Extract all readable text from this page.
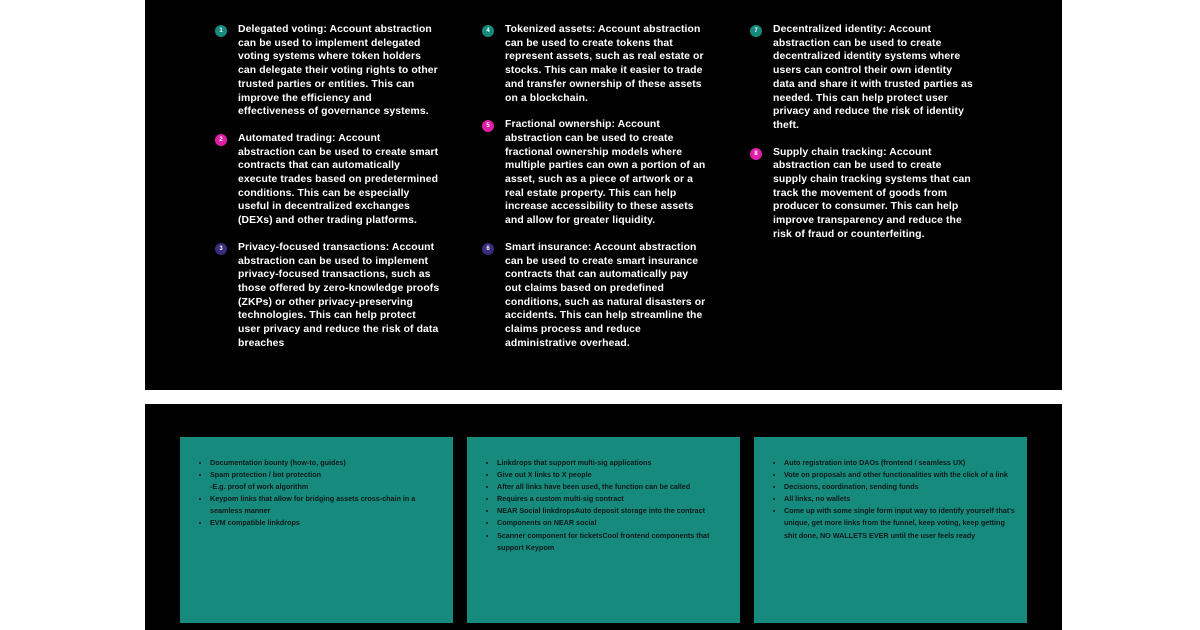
1	Delegated voting: Account abstraction can be used to implement delegated voting systems where token holders can delegate their voting rights to other trusted parties or entities. This can improve the efficiency and effectiveness of governance systems.
2	Automated trading: Account abstraction can be used to create smart contracts that can automatically execute trades based on predetermined conditions. This can be especially useful in decentralized exchanges (DEXs) and other trading platforms.
3	Privacy-focused transactions: Account abstraction can be used to implement privacy-focused transactions, such as those offered by zero-knowledge proofs (ZKPs) or other privacy-preserving technologies. This can help protect user privacy and reduce the risk of data breaches
4	Tokenized assets: Account abstraction can be used to create tokens that represent assets, such as real estate or stocks. This can make it easier to trade and transfer ownership of these assets on a blockchain.
5	Fractional ownership: Account abstraction can be used to create fractional ownership models where multiple parties can own a portion of an asset, such as a piece of artwork or a real estate property. This can help increase accessibility to these assets and allow for greater liquidity.
6	Smart insurance: Account abstraction can be used to create smart insurance contracts that can automatically pay out claims based on predefined conditions, such as natural disasters or accidents. This can help streamline the claims process and reduce administrative overhead.
7	Decentralized identity: Account abstraction can be used to create decentralized identity systems where users can control their own identity data and share it with trusted parties as needed. This can help protect user privacy and reduce the risk of identity theft.
8	Supply chain tracking: Account abstraction can be used to create supply chain tracking systems that can track the movement of goods from producer to consumer. This can help improve transparency and reduce the risk of fraud or counterfeiting.
• Documentation bounty (how-to, guides)
• Spam protection / bot protection
-E.g. proof of work algorithm
• Keypom links that allow for bridging assets cross-chain in a seamless manner
• EVM compatible linkdrops
• Linkdrops that support multi-sig applications
• Give out X links to X people
• After all links have been used, the function can be called
• Requires a custom multi-sig contract
• NEAR Social linkdropsAuto deposit storage into the contract
• Components on NEAR social
• Scanner component for ticketsCool frontend components that support Keypom
• Auto registration into DAOs (frontend / seamless UX)
• Vote on proposals and other functionalities with the click of a link
• Decisions, coordination, sending funds
• All links, no wallets
• Come up with some single form input way to identify yourself that's unique, get more links from the funnel, keep voting, keep getting shit done, NO WALLETS EVER until the user feels ready
